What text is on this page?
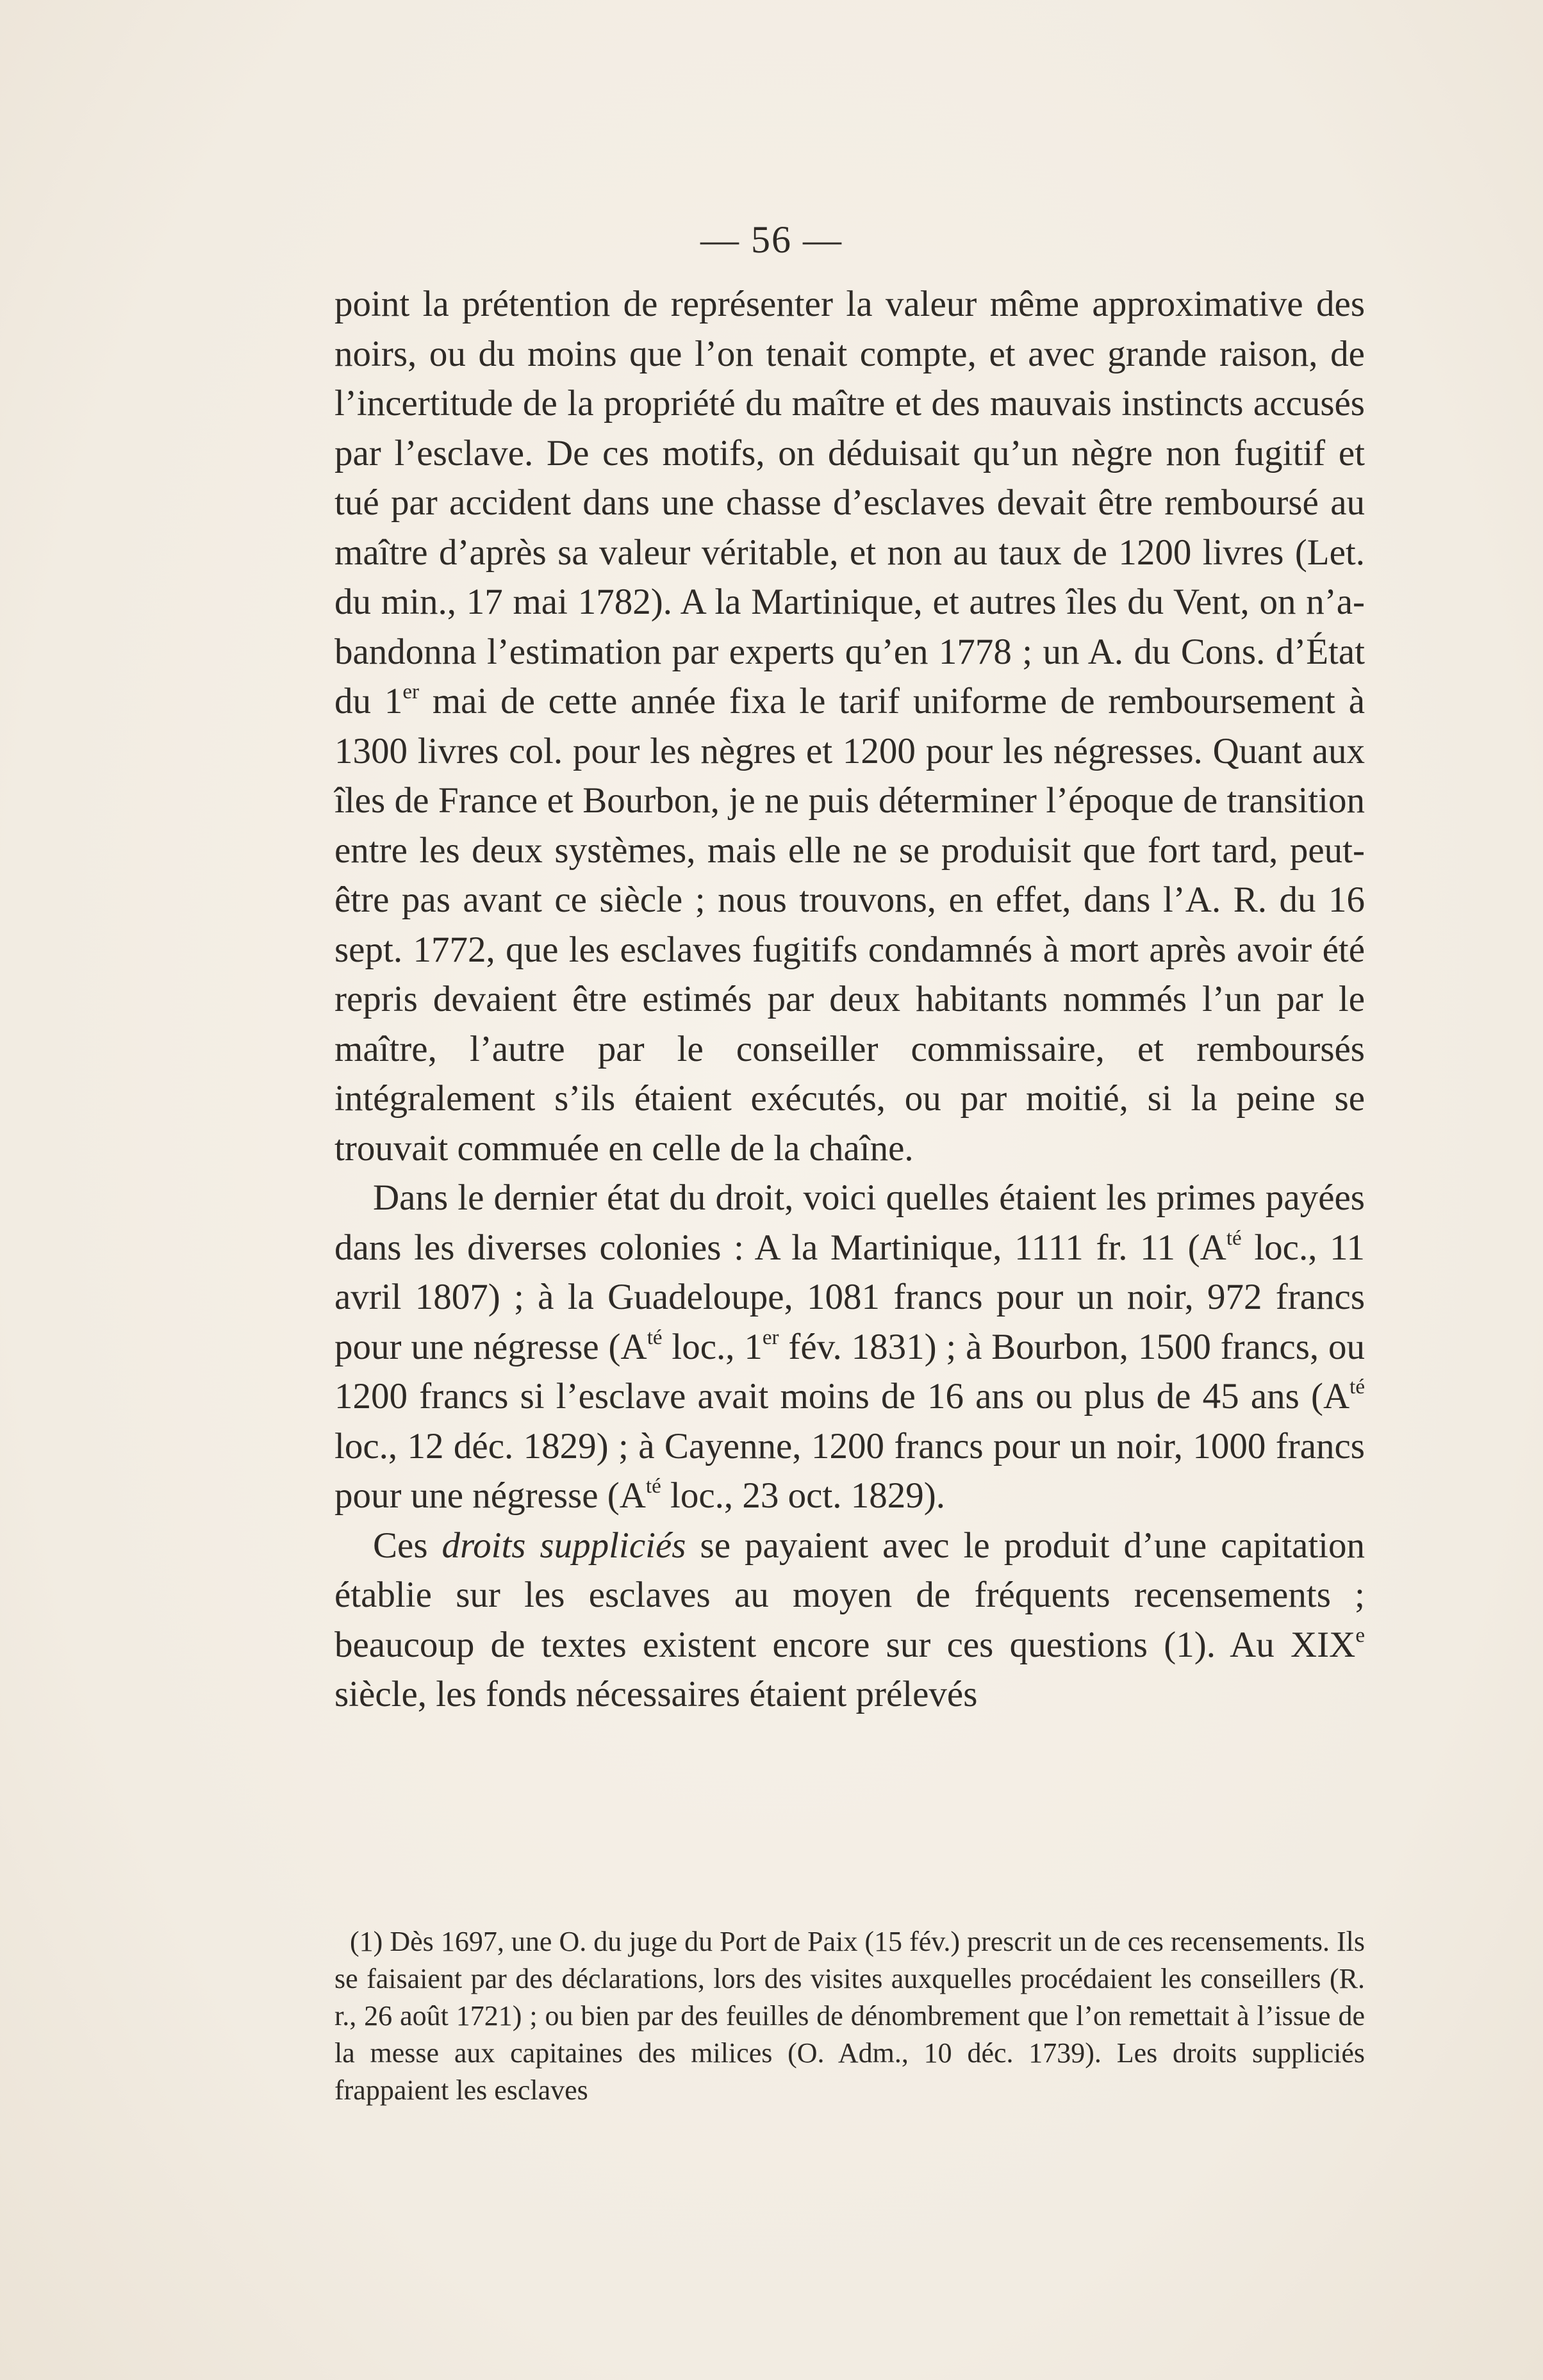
— 56 —

point la prétention de représenter la valeur même approximative des noirs, ou du moins que l’on tenait compte, et avec grande raison, de l’incertitude de la propriété du maître et des mauvais instincts accusés par l’esclave. De ces motifs, on déduisait qu’un nègre non fugitif et tué par accident dans une chasse d’esclaves devait être remboursé au maître d’après sa valeur véritable, et non au taux de 1200 livres (Let. du min., 17 mai 1782). A la Martinique, et autres îles du Vent, on n’abandonna l’estimation par experts qu’en 1778 ; un A. du Cons. d’État du 1er mai de cette année fixa le tarif uniforme de remboursement à 1300 livres col. pour les nègres et 1200 pour les négresses. Quant aux îles de France et Bourbon, je ne puis déterminer l’époque de transition entre les deux systèmes, mais elle ne se produisit que fort tard, peut-être pas avant ce siècle ; nous trouvons, en effet, dans l’A. R. du 16 sept. 1772, que les esclaves fugitifs condamnés à mort après avoir été repris devaient être estimés par deux habitants nommés l’un par le maître, l’autre par le conseiller commissaire, et remboursés intégralement s’ils étaient exécutés, ou par moitié, si la peine se trouvait commuée en celle de la chaîne.

Dans le dernier état du droit, voici quelles étaient les primes payées dans les diverses colonies : A la Martinique, 1111 fr. 11 ($A^{té}$ loc., 11 avril 1807) ; à la Guadeloupe, 1081 francs pour un noir, 972 francs pour une négresse ($A^{té}$ loc., 1er fév. 1831) ; à Bourbon, 1500 francs, ou 1200 francs si l’esclave avait moins de 16 ans ou plus de 45 ans ($A^{té}$ loc., 12 déc. 1829) ; à Cayenne, 1200 francs pour un noir, 1000 francs pour une négresse ($A^{té}$ loc., 23 oct. 1829).

Ces droits suppliciés se payaient avec le produit d’une capitation établie sur les esclaves au moyen de fréquents recensements ; beaucoup de textes existent encore sur ces questions (1). Au XIXe siècle, les fonds nécessaires étaient prélevés

(1) Dès 1697, une O. du juge du Port de Paix (15 fév.) prescrit un de ces recensements. Ils se faisaient par des déclarations, lors des visites auxquelles procédaient les conseillers (R. r., 26 août 1721) ; ou bien par des feuilles de dénombrement que l’on remettait à l’issue de la messe aux capitaines des milices (O. Adm., 10 déc. 1739). Les droits suppliciés frappaient les esclaves
